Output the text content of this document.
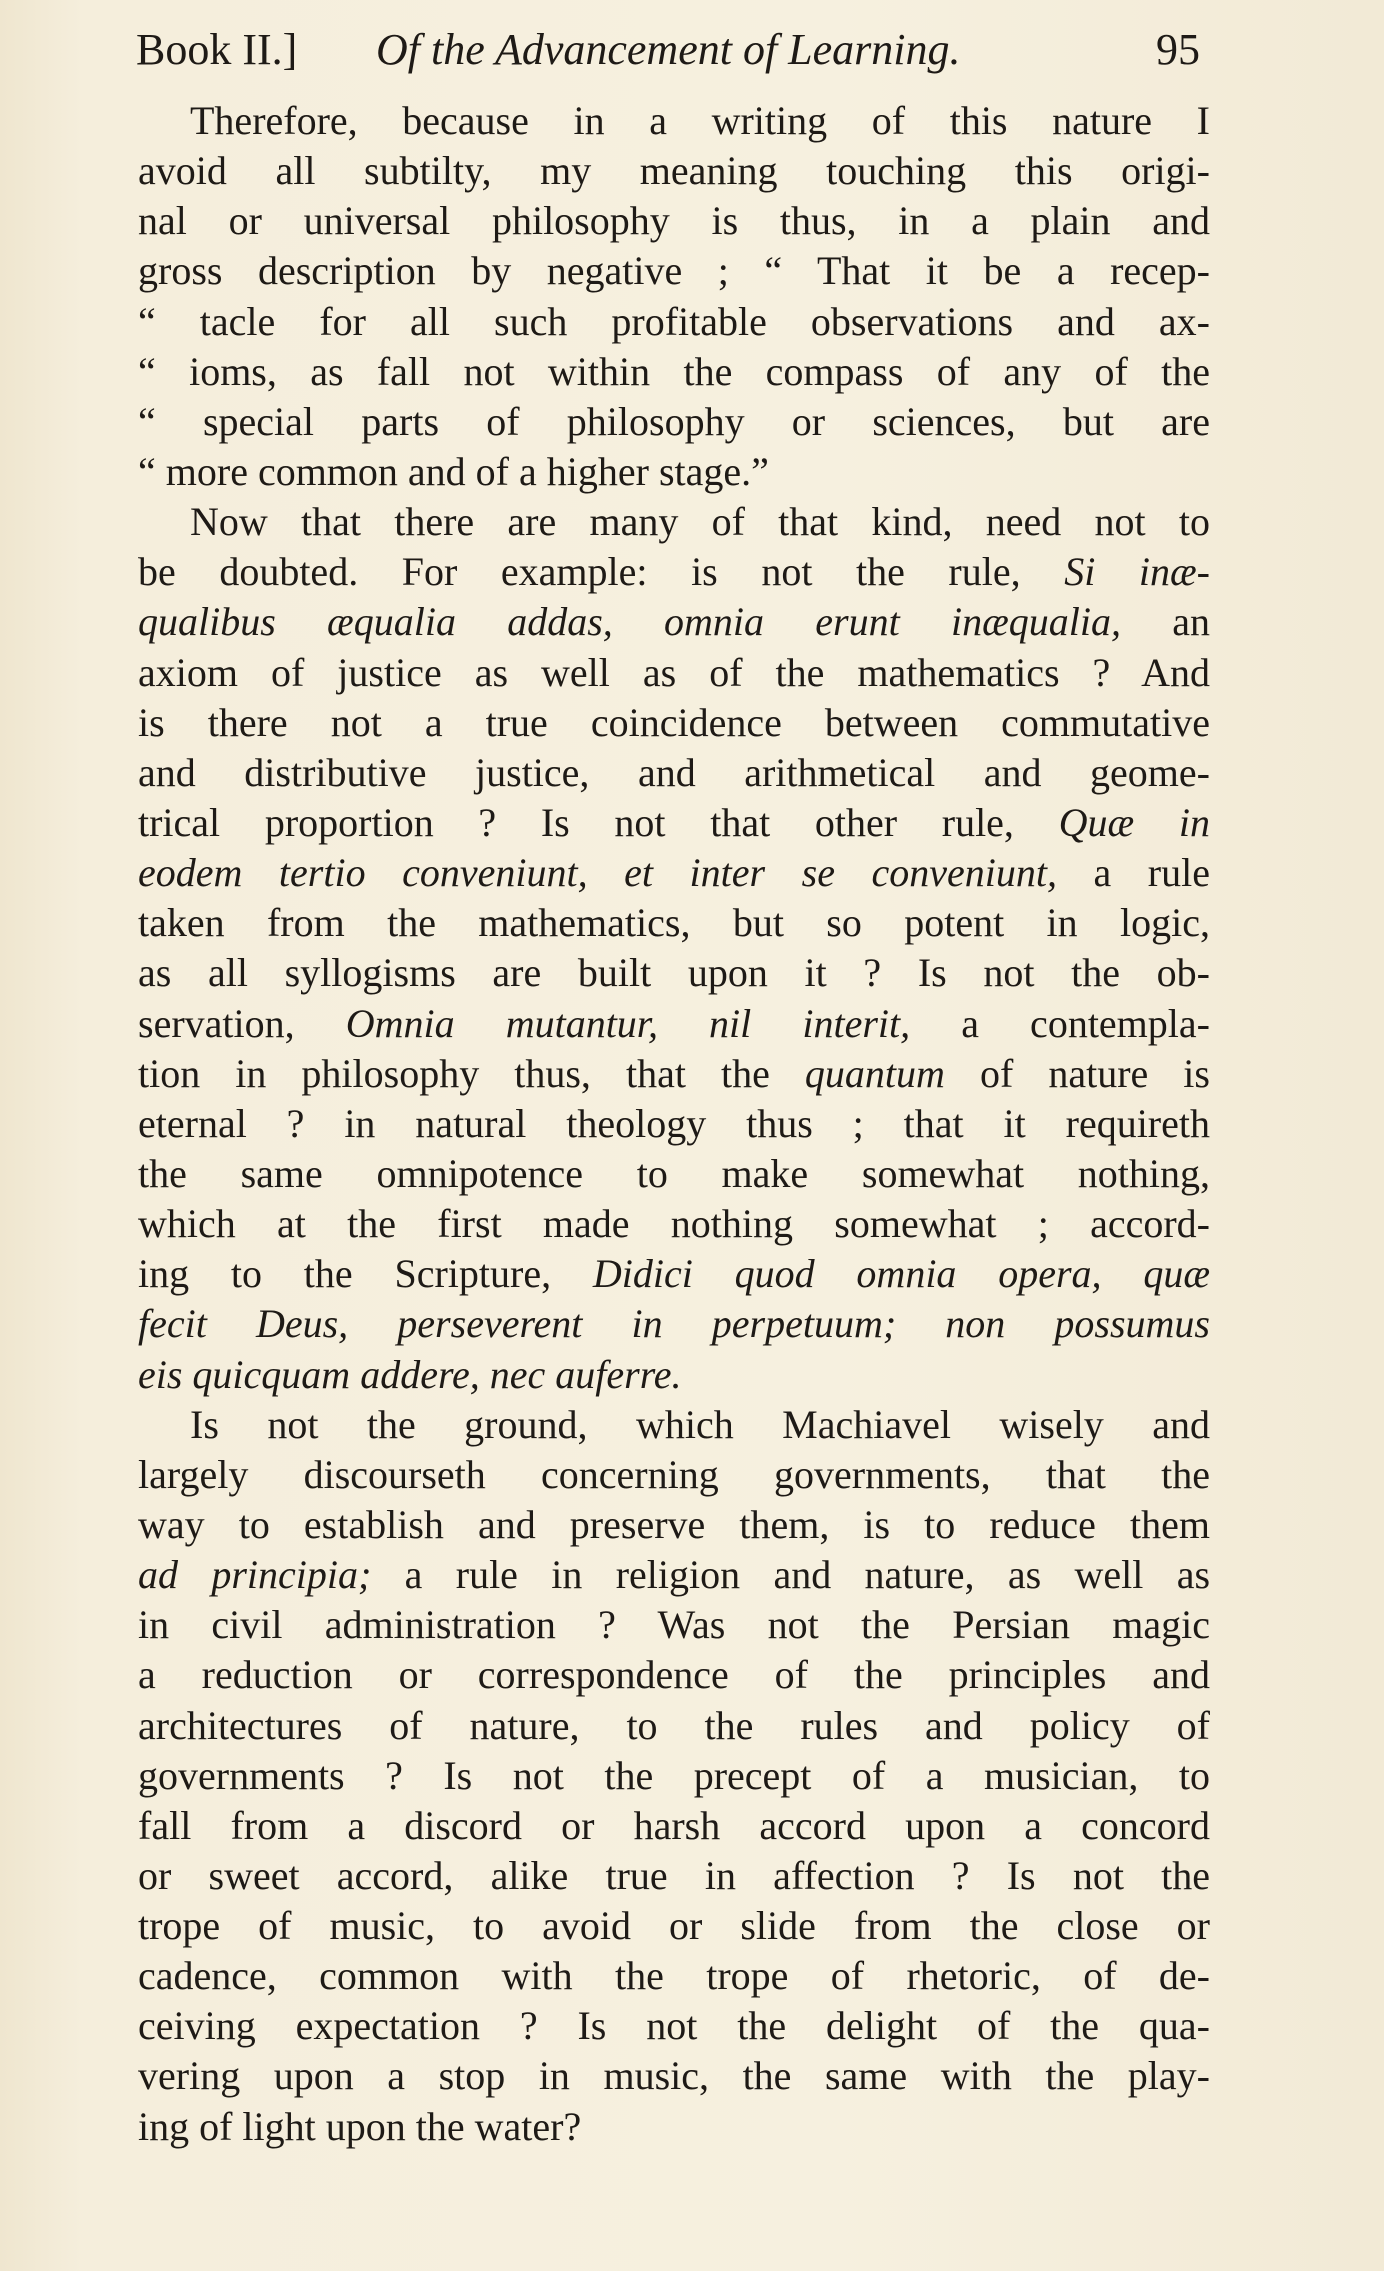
Book II.] Of the Advancement of Learning.	95
Therefore, because in a writing of this nature I
avoid all subtilty, my meaning touching this origi-
nal or universal philosophy is thus, in a plain and
gross description by negative ; “ That it be a recep-
“ tacle for all such profitable observations and ax-
“ ioms, as fall not within the compass of any of the
“ special parts of philosophy or sciences, but are
“ more common and of a higher stage.”
Now that there are many of that kind, need not to
be doubted. For example: is not the rule, Si inæ-
qualibus æqualia addas, omnia erunt inæqualia, an
axiom of justice as well as of the mathematics ? And
is there not a true coincidence between commutative
and distributive justice, and arithmetical and geome-
trical proportion ? Is not that other rule, Quæ in
eodem tertio conveniunt, et inter se conveniunt, a rule
taken from the mathematics, but so potent in logic,
as all syllogisms are built upon it ? Is not the ob-
servation, Omnia mutantur, nil interit, a contempla-
tion in philosophy thus, that the quantum of nature is
eternal ? in natural theology thus ; that it requireth
the same omnipotence to make somewhat nothing,
which at the first made nothing somewhat ; accord-
ing to the Scripture, Didici quod omnia opera, quæ
fecit Deus, perseverent in perpetuum; non possumus
eis quicquam addere, nec auferre.
Is not the ground, which Machiavel wisely and
largely discourseth concerning governments, that the
way to establish and preserve them, is to reduce them
ad principia; a rule in religion and nature, as well as
in civil administration ? Was not the Persian magic
a reduction or correspondence of the principles and
architectures of nature, to the rules and policy of
governments ? Is not the precept of a musician, to
fall from a discord or harsh accord upon a concord
or sweet accord, alike true in affection ? Is not the
trope of music, to avoid or slide from the close or
cadence, common with the trope of rhetoric, of de-
ceiving expectation ? Is not the delight of the qua-
vering upon a stop in music, the same with the play-
ing of light upon the water?
